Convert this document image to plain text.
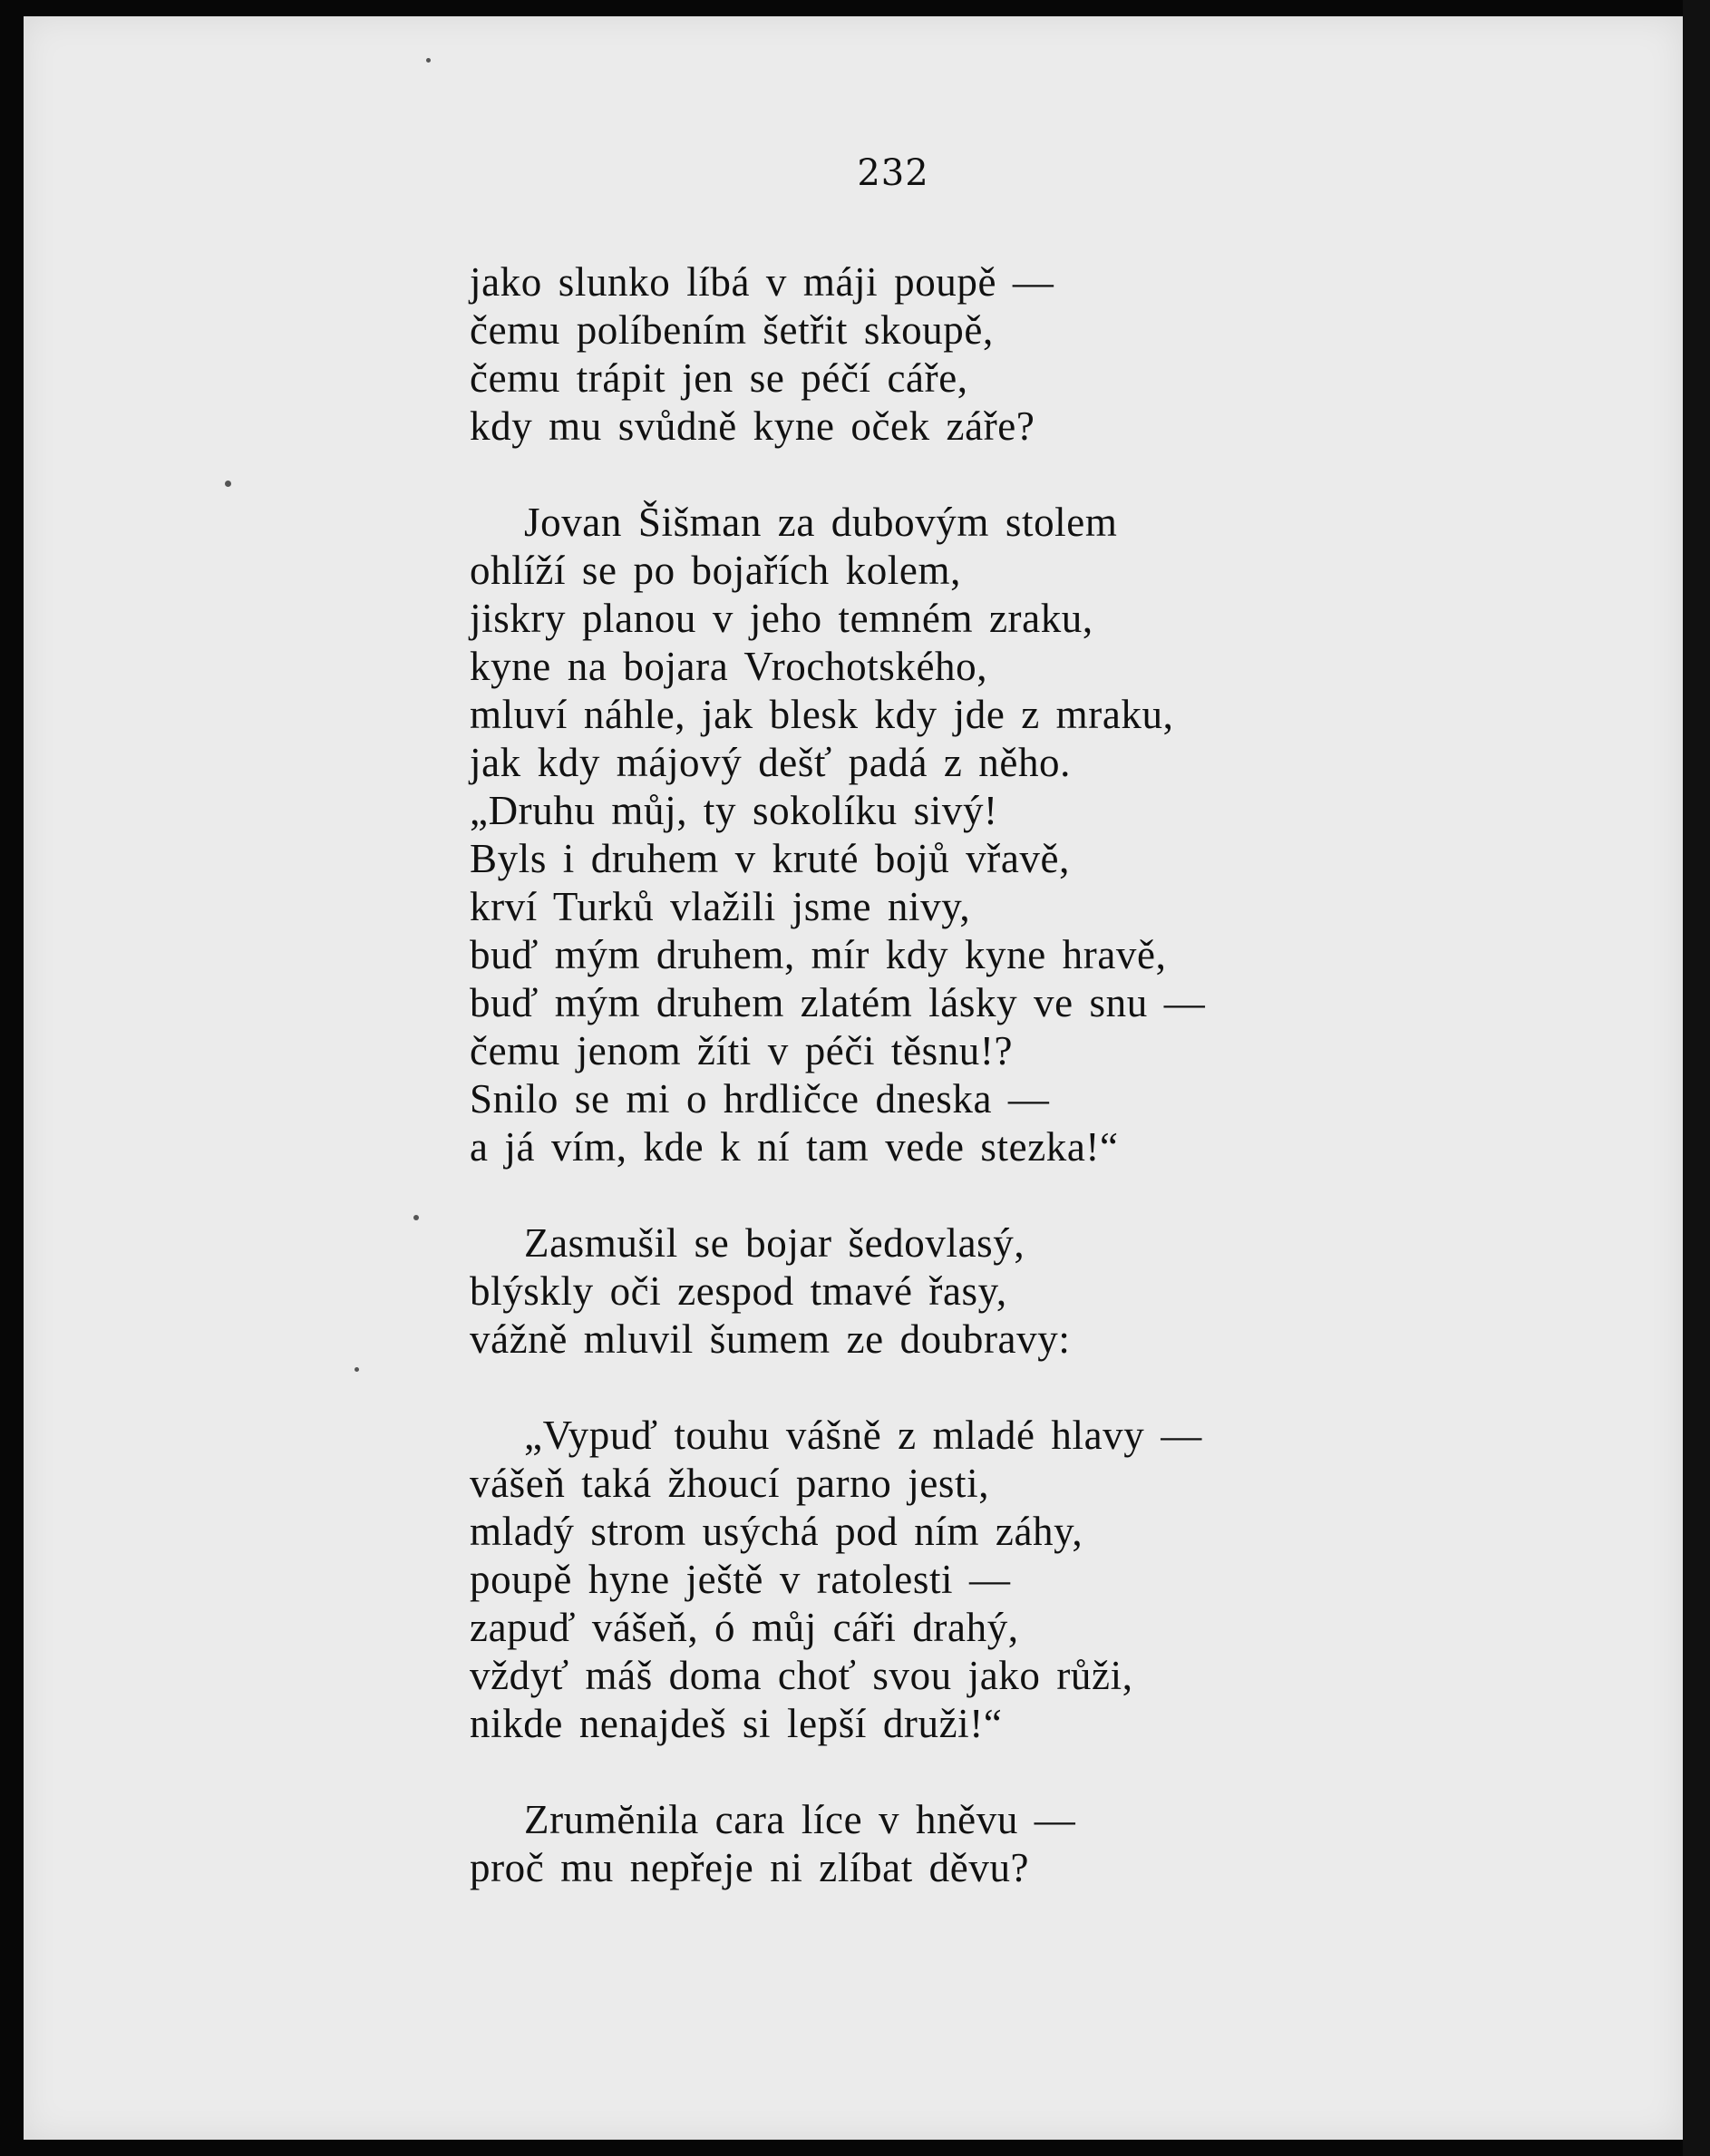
232
jako slunko líbá v máji poupě —
čemu políbením šetřit skoupě,
čemu trápit jen se péčí cáře,
kdy mu svůdně kyne oček záře?
Jovan Šišman za dubovým stolem
ohlíží se po bojařích kolem,
jiskry planou v jeho temném zraku,
kyne na bojara Vrochotského,
mluví náhle, jak blesk kdy jde z mraku,
jak kdy májový dešť padá z něho.
„Druhu můj, ty sokolíku sivý!
Byls i druhem v kruté bojů vřavě,
krví Turků vlažili jsme nivy,
buď mým druhem, mír kdy kyne hravě,
buď mým druhem zlatém lásky ve snu —
čemu jenom žíti v péči těsnu!?
Snilo se mi o hrdličce dneska —
a já vím, kde k ní tam vede stezka!“
Zasmušil se bojar šedovlasý,
blýskly oči zespod tmavé řasy,
vážně mluvil šumem ze doubravy:
„Vypuď touhu vášně z mladé hlavy —
vášeň taká žhoucí parno jesti,
mladý strom usýchá pod ním záhy,
poupě hyne ještě v ratolesti —
zapuď vášeň, ó můj cáři drahý,
vždyť máš doma choť svou jako růži,
nikde nenajdeš si lepší druži!“
Zrumĕnila cara líce v hněvu —
proč mu nepřeje ni zlíbat děvu?
